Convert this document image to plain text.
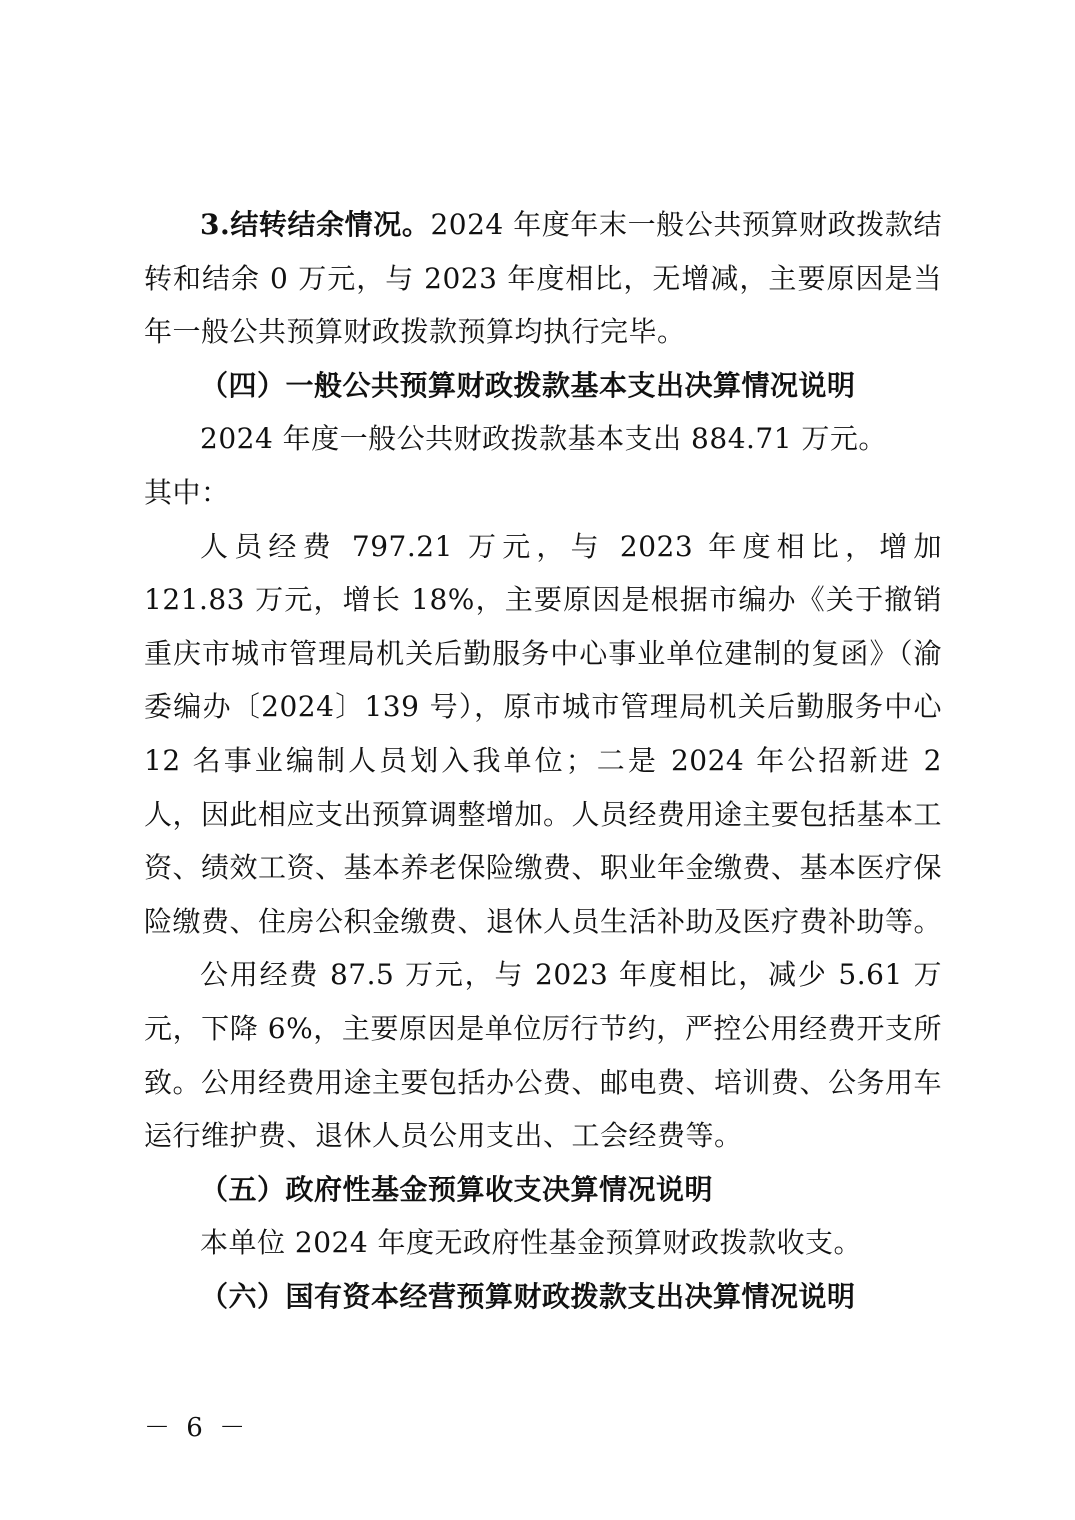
3.结转结余情况。2024 年度年末一般公共预算财政拨款结转和结余 0 万元，与 2023 年度相比，无增减，主要原因是当年一般公共预算财政拨款预算均执行完毕。

（四）一般公共预算财政拨款基本支出决算情况说明

2024 年度一般公共财政拨款基本支出 884.71 万元。

其中：

人员经费 797.21 万元，与 2023 年度相比，增加 121.83 万元，增长 18%，主要原因是根据市编办《关于撤销重庆市城市管理局机关后勤服务中心事业单位建制的复函》（渝委编办〔2024〕139 号），原市城市管理局机关后勤服务中心 12 名事业编制人员划入我单位；二是 2024 年公招新进 2 人，因此相应支出预算调整增加。人员经费用途主要包括基本工资、绩效工资、基本养老保险缴费、职业年金缴费、基本医疗保险缴费、住房公积金缴费、退休人员生活补助及医疗费补助等。

公用经费 87.5 万元，与 2023 年度相比，减少 5.61 万元，下降 6%，主要原因是单位厉行节约，严控公用经费开支所致。公用经费用途主要包括办公费、邮电费、培训费、公务用车运行维护费、退休人员公用支出、工会经费等。

（五）政府性基金预算收支决算情况说明

本单位 2024 年度无政府性基金预算财政拨款收支。

（六）国有资本经营预算财政拨款支出决算情况说明

－ 6 －
